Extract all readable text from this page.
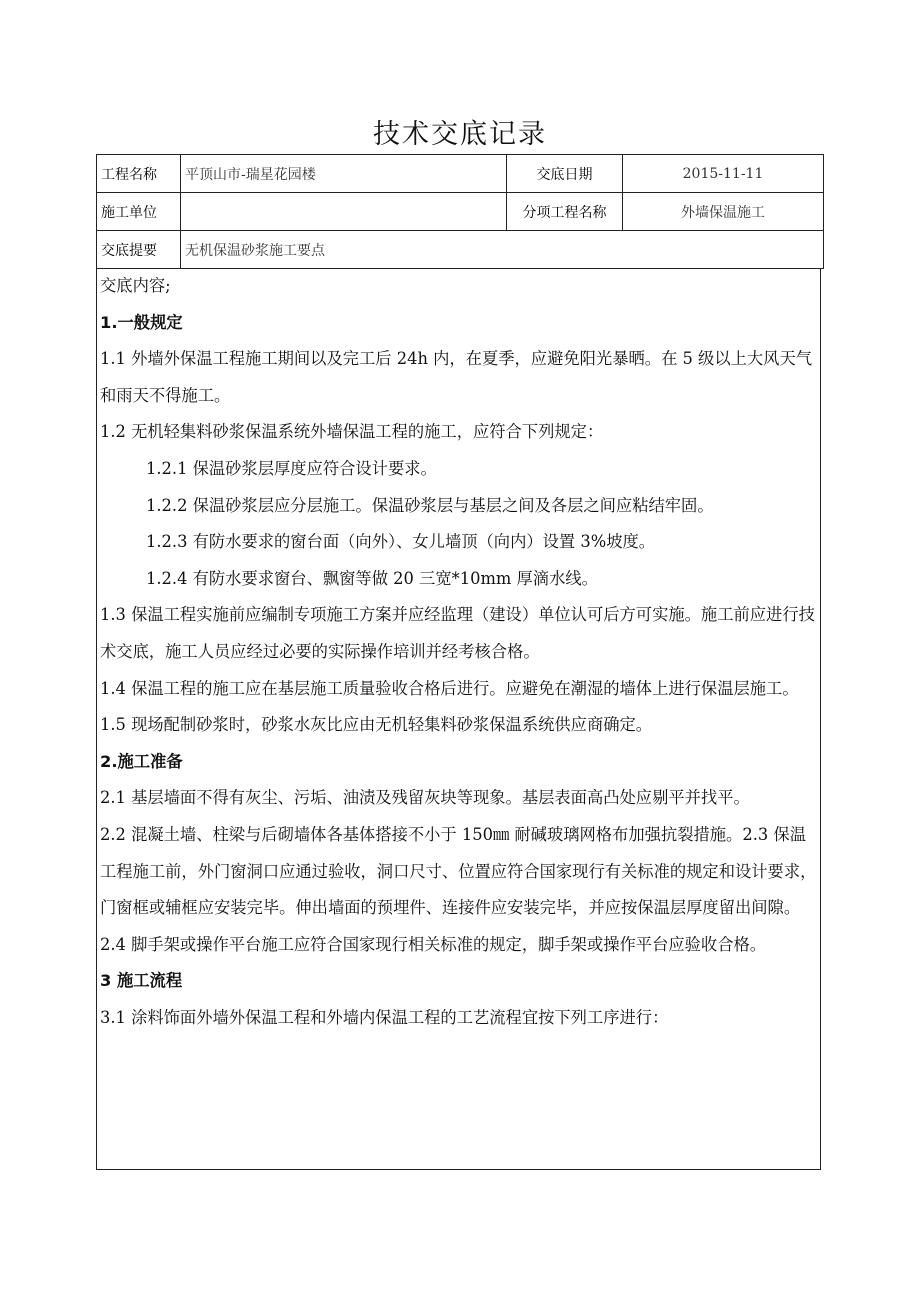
技术交底记录
工程名称	平顶山市-瑞星花园楼	交底日期	2015-11-11
施工单位		分项工程名称	外墙保温施工
交底提要	无机保温砂浆施工要点		

交底内容;

1.一般规定

1.1 外墙外保温工程施工期间以及完工后 24h 内，在夏季，应避免阳光暴晒。在 5 级以上大风天气和雨天不得施工。

1.2 无机轻集料砂浆保温系统外墙保温工程的施工，应符合下列规定：

1.2.1 保温砂浆层厚度应符合设计要求。

1.2.2 保温砂浆层应分层施工。保温砂浆层与基层之间及各层之间应粘结牢固。

1.2.3 有防水要求的窗台面（向外）、女儿墙顶（向内）设置 3%坡度。

1.2.4 有防水要求窗台、飘窗等做 20 三宽*10mm 厚滴水线。

1.3 保温工程实施前应编制专项施工方案并应经监理（建设）单位认可后方可实施。施工前应进行技术交底，施工人员应经过必要的实际操作培训并经考核合格。

1.4 保温工程的施工应在基层施工质量验收合格后进行。应避免在潮湿的墙体上进行保温层施工。

1.5 现场配制砂浆时，砂浆水灰比应由无机轻集料砂浆保温系统供应商确定。

2.施工准备

2.1 基层墙面不得有灰尘、污垢、油渍及残留灰块等现象。基层表面高凸处应剔平并找平。

2.2 混凝土墙、柱梁与后砌墙体各基体搭接不小于 150㎜ 耐碱玻璃网格布加强抗裂措施。2.3 保温工程施工前，外门窗洞口应通过验收，洞口尺寸、位置应符合国家现行有关标准的规定和设计要求，门窗框或辅框应安装完毕。伸出墙面的预埋件、连接件应安装完毕，并应按保温层厚度留出间隙。

2.4 脚手架或操作平台施工应符合国家现行相关标准的规定，脚手架或操作平台应验收合格。

3 施工流程

3.1 涂料饰面外墙外保温工程和外墙内保温工程的工艺流程宜按下列工序进行：
